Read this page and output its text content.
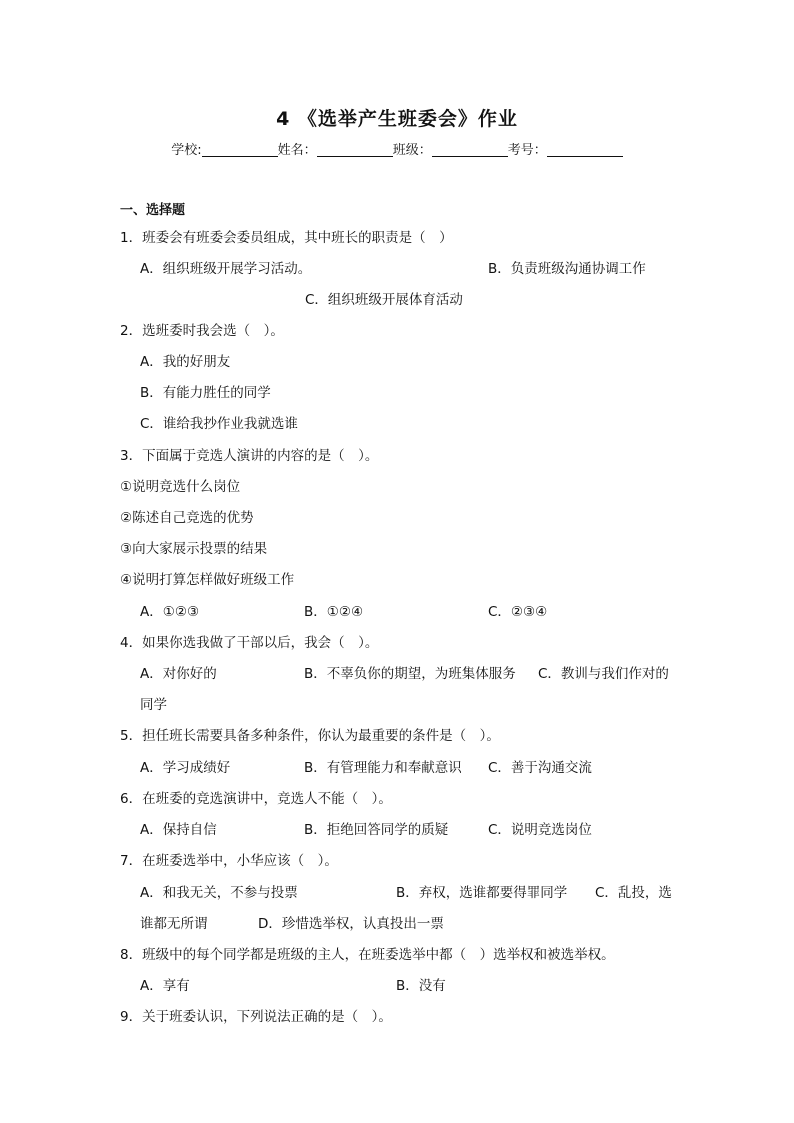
4 《选举产生班委会》作业
学校:	姓名：	班级：	考号：
一、选择题
1．班委会有班委会委员组成，其中班长的职责是（　）
A．组织班级开展学习活动。	B．负责班级沟通协调工作
C．组织班级开展体育活动
2．选班委时我会选（　）。
A．我的好朋友
B．有能力胜任的同学
C．谁给我抄作业我就选谁
3．下面属于竞选人演讲的内容的是（　）。
①说明竞选什么岗位
②陈述自己竞选的优势
③向大家展示投票的结果
④说明打算怎样做好班级工作
A．①②③	B．①②④	C．②③④
4．如果你选我做了干部以后，我会（　）。
A．对你好的	B．不辜负你的期望，为班集体服务 C．教训与我们作对的
同学
5．担任班长需要具备多种条件，你认为最重要的条件是（　）。
A．学习成绩好	B．有管理能力和奉献意识 C．善于沟通交流
6．在班委的竞选演讲中，竞选人不能（　）。
A．保持自信	B．拒绝回答同学的质疑	C．说明竞选岗位
7．在班委选举中，小华应该（　）。
A．和我无关，不参与投票	B．弃权，选谁都要得罪同学 C．乱投，选
谁都无所谓	D．珍惜选举权，认真投出一票
8．班级中的每个同学都是班级的主人，在班委选举中都（　）选举权和被选举权。
A．享有	B．没有
9．关于班委认识，下列说法正确的是（　）。
